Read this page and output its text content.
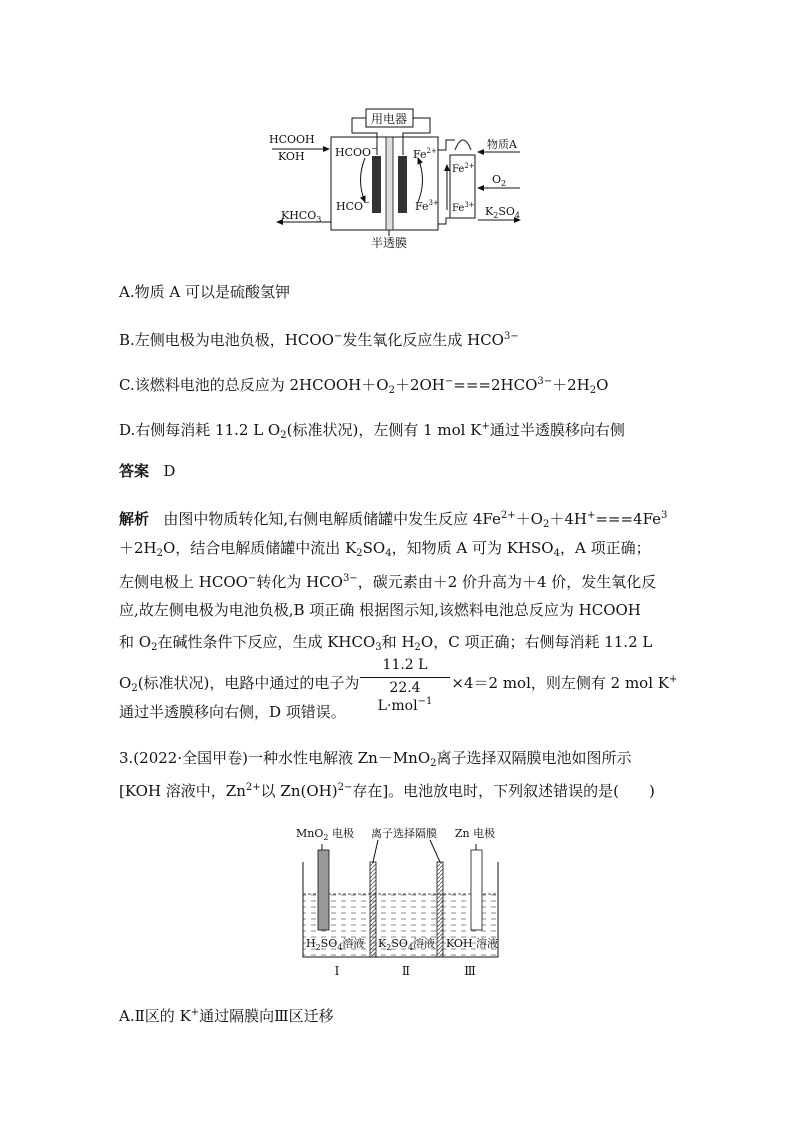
用电器
HCOOH
KOH
$KHCO_3$
HCOO−
HCO−
$Fe^{2+}$
$Fe^{3+}$
$Fe^{2+}$
$Fe^{3+}$
物质A
$O_2$
$K_2SO_4$
半透膜
A.物质 A 可以是硫酸氢钾
B.左侧电极为电池负极，HCOO−发生氧化反应生成 $HCO^{3-}$
C.该燃料电池的总反应为 $2HCOOH+O_2+2OH^-===2HCO^{3-}+2H_2O$
D.右侧每消耗 11.2 L $O_2$(标准状况)，左侧有 1 mol K+通过半透膜移向右侧
答案 D
解析 由图中物质转化知,右侧电解质储罐中发生反应 $4Fe^{2+}+O_2+4H^+===4Fe^3$
$+2H_2O$，结合电解质储罐中流出 $K_2SO_4$，知物质 A 可为 $KHSO_4$，A 项正确；
左侧电极上 HCOO−转化为 $HCO^{3-}$，碳元素由＋2 价升高为＋4 价，发生氧化反
应,故左侧电极为电池负极,B 项正确 根据图示知,该燃料电池总反应为 HCOOH
和 $O_2$在碱性条件下反应，生成 $KHCO_3$和 $H_2O$，C 项正确；右侧每消耗 11.2 L
$O_2$(标准状况)，电路中通过的电子为	×4＝2 mol，则左侧有 2 mol K+
11.2 L
22.4 L·mol$^{-1}$
通过半透膜移向右侧，D 项错误。
3.(2022·全国甲卷)一种水性电解液 Zn－MnO$_2$离子选择双隔膜电池如图所示
[KOH 溶液中，$Zn^{2+}$以 Zn(OH)$^{2-}$存在]。电池放电时，下列叙述错误的是(　　)
MnO$_2$ 电极 离子选择隔膜 Zn 电极
$H_2SO_4$溶液 $K_2SO_4$溶液 KOH 溶液
Ⅰ	Ⅱ	Ⅲ
A.Ⅱ区的 K+通过隔膜向Ⅲ区迁移
